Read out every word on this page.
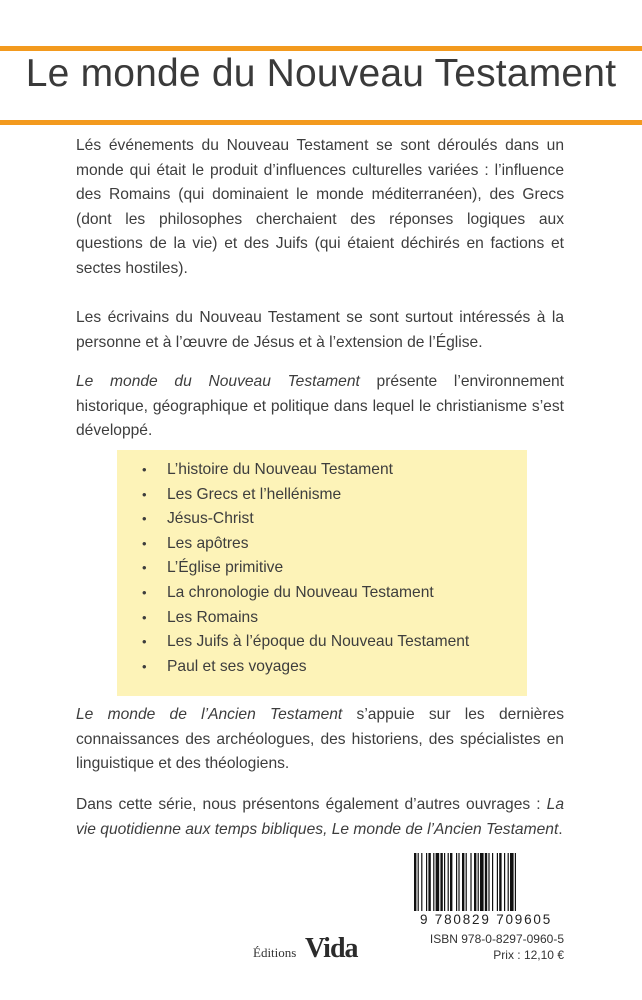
Le monde du Nouveau Testament

Lés événements du Nouveau Testament se sont déroulés dans un monde qui était le produit d’influences culturelles variées : l’influence des Romains (qui dominaient le monde méditerranéen), des Grecs (dont les philosophes cherchaient des réponses logiques aux questions de la vie) et des Juifs (qui étaient déchirés en factions et sectes hostiles).

Les écrivains du Nouveau Testament se sont surtout intéressés à la personne et à l’œuvre de Jésus et à l’extension de l’Église.

Le monde du Nouveau Testament présente l’environnement historique, géographique et politique dans lequel le christianisme s’est développé.

• L’histoire du Nouveau Testament
• Les Grecs et l’hellénisme
• Jésus-Christ
• Les apôtres
• L’Église primitive
• La chronologie du Nouveau Testament
• Les Romains
• Les Juifs à l’époque du Nouveau Testament
• Paul et ses voyages

Le monde de l’Ancien Testament s’appuie sur les dernières connaissances des archéologues, des historiens, des spécialistes en linguistique et des théologiens.

Dans cette série, nous présentons également d’autres ouvrages : La vie quotidienne aux temps bibliques, Le monde de l’Ancien Testament.

Éditions Vida
9 780829 709605
ISBN 978-0-8297-0960-5
Prix : 12,10 €
